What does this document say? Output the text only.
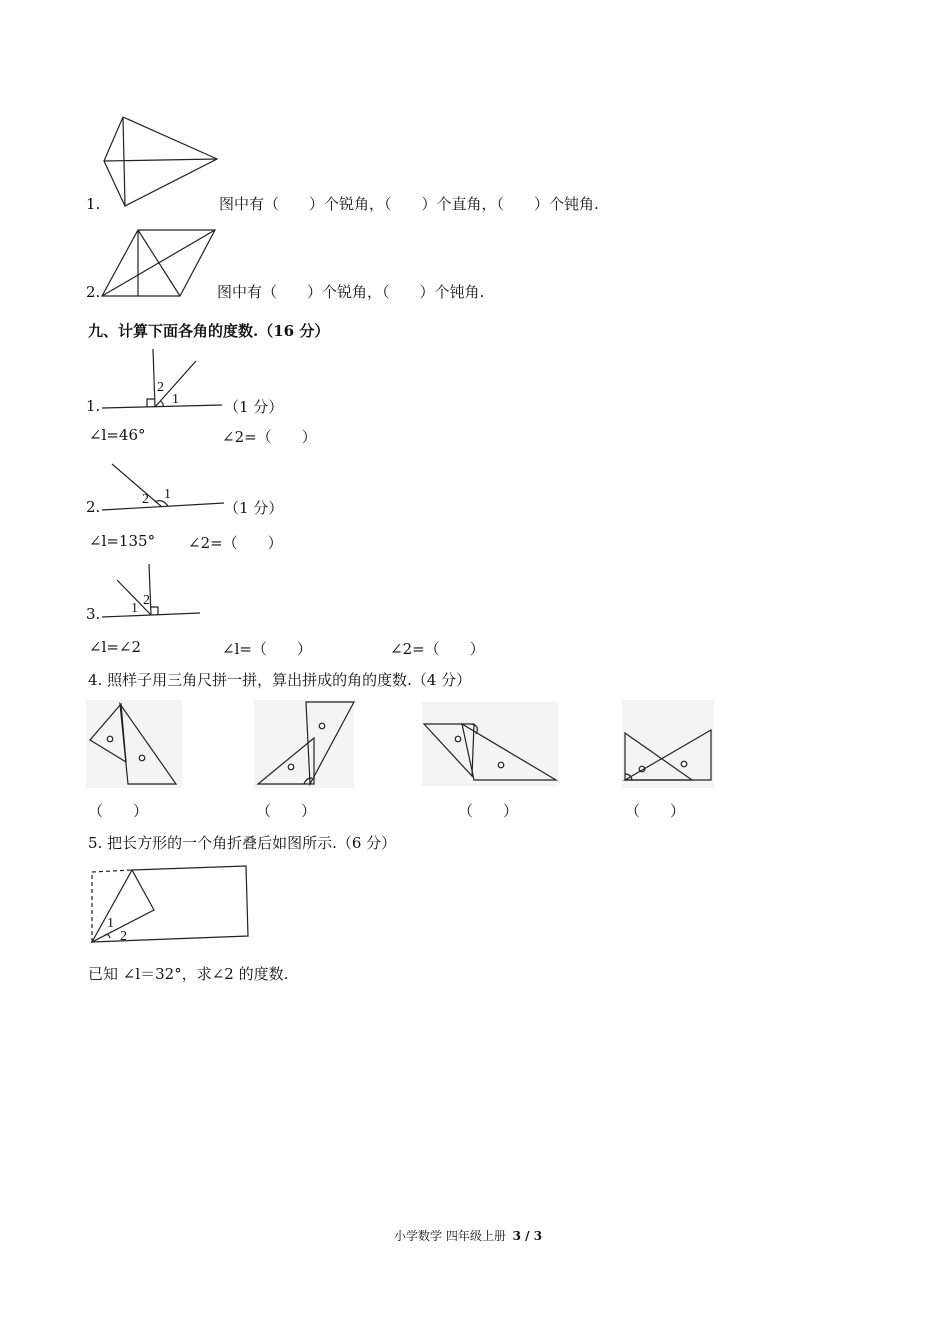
1.	图中有（　　）个锐角，（　　）个直角，（　　）个钝角.
2.	图中有（　　）个锐角，（　　）个钝角.
九、计算下面各角的度数.（16 分）
2
1
1.	（1 分）
∠l=46°	∠2=（　　）
2 1
2.	（1 分）
∠l=135° ∠2=（　　）
1
2
3.
∠l=∠2	∠l=（　　）	∠2=（　　）
4. 照样子用三角尺拼一拼，算出拼成的角的度数.（4 分）
（　　）	（　　）	（　　）	（　　）
5. 把长方形的一个角折叠后如图所示.（6 分）
1
2
已知 ∠l＝32°，求∠2 的度数.
小学数学 四年级上册 3 / 3
